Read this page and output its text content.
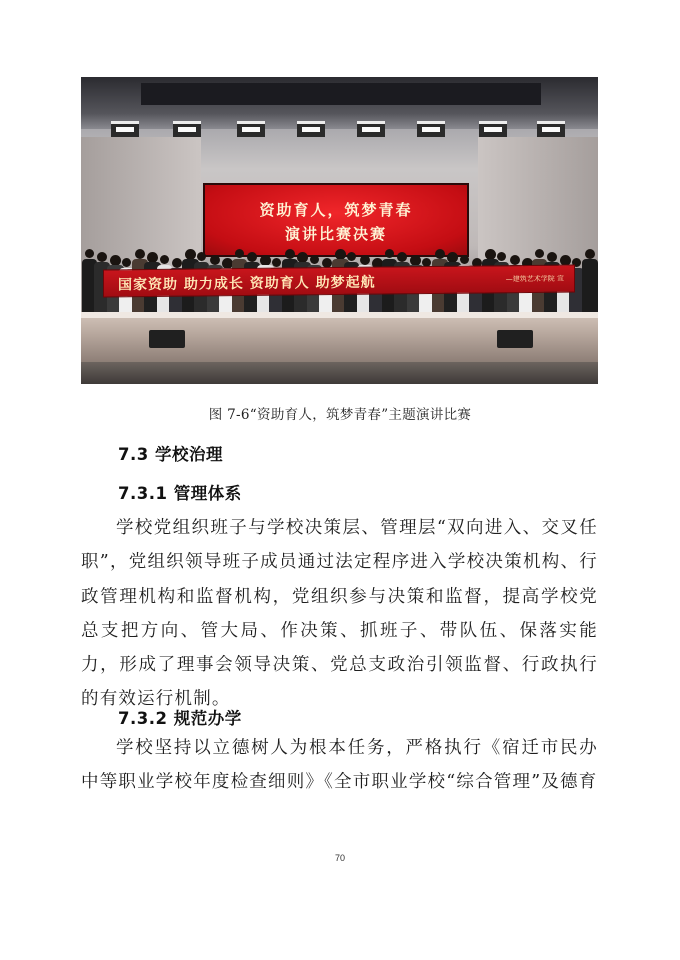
资助育人，筑梦青春
演讲比赛决赛
国家资助 助力成长 资助育人 助梦起航	—建筑艺术学院 宣
图 7-6“资助育人，筑梦青春”主题演讲比赛
7.3 学校治理
7.3.1 管理体系

学校党组织班子与学校决策层、管理层“双向进入、交叉任职”，党组织领导班子成员通过法定程序进入学校决策机构、行政管理机构和监督机构，党组织参与决策和监督，提高学校党总支把方向、管大局、作决策、抓班子、带队伍、保落实能力，形成了理事会领导决策、党总支政治引领监督、行政执行的有效运行机制。

7.3.2 规范办学

学校坚持以立德树人为根本任务，严格执行《宿迁市民办中等职业学校年度检查细则》《全市职业学校“综合管理”及德育

70
